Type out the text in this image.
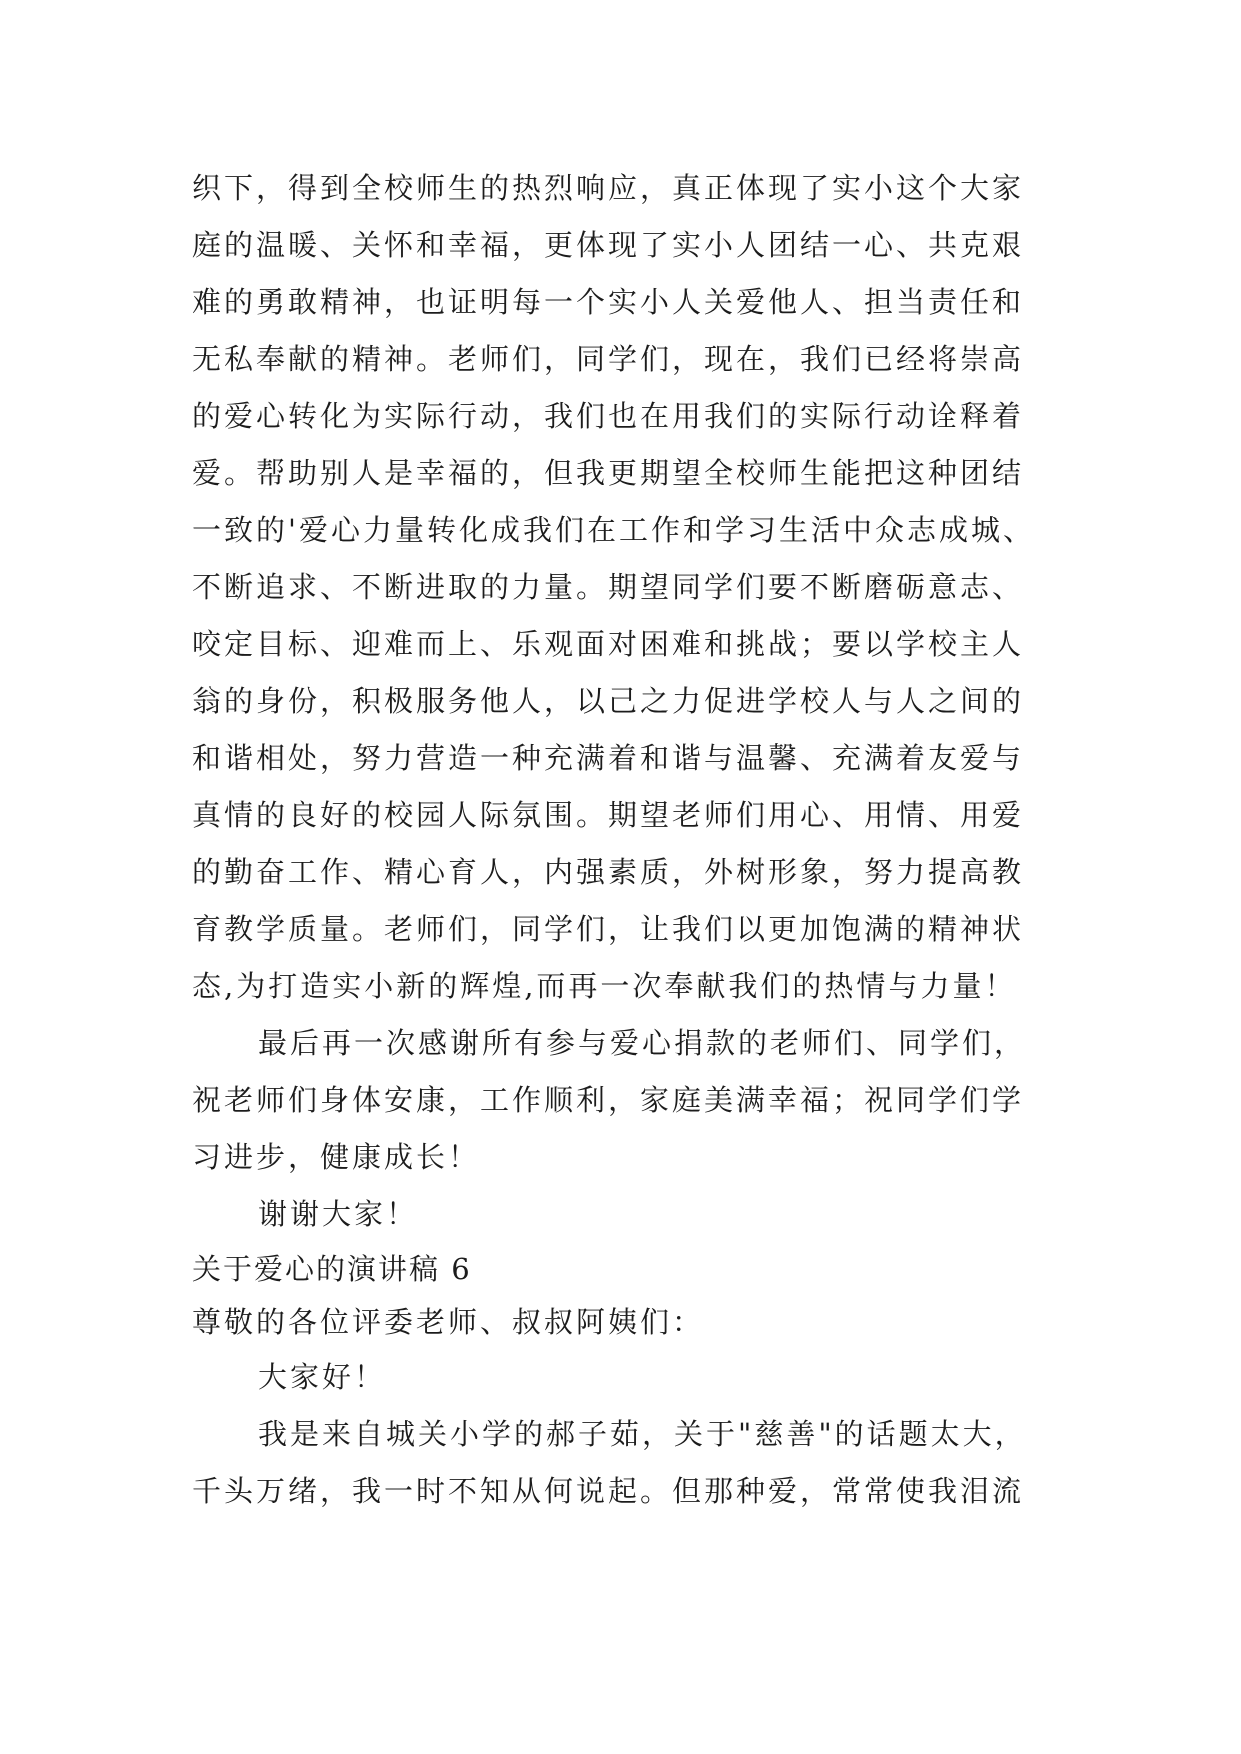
织下，得到全校师生的热烈响应，真正体现了实小这个大家
庭的温暖、关怀和幸福，更体现了实小人团结一心、共克艰
难的勇敢精神，也证明每一个实小人关爱他人、担当责任和
无私奉献的精神。老师们，同学们，现在，我们已经将崇高
的爱心转化为实际行动，我们也在用我们的实际行动诠释着
爱。帮助别人是幸福的，但我更期望全校师生能把这种团结
一致的'爱心力量转化成我们在工作和学习生活中众志成城、
不断追求、不断进取的力量。期望同学们要不断磨砺意志、
咬定目标、迎难而上、乐观面对困难和挑战；要以学校主人
翁的身份，积极服务他人，以己之力促进学校人与人之间的
和谐相处，努力营造一种充满着和谐与温馨、充满着友爱与
真情的良好的校园人际氛围。期望老师们用心、用情、用爱
的勤奋工作、精心育人，内强素质，外树形象，努力提高教
育教学质量。老师们，同学们，让我们以更加饱满的精神状
态,为打造实小新的辉煌,而再一次奉献我们的热情与力量！
最后再一次感谢所有参与爱心捐款的老师们、同学们，
祝老师们身体安康，工作顺利，家庭美满幸福；祝同学们学
习进步，健康成长！
谢谢大家！
关于爱心的演讲稿 6
尊敬的各位评委老师、叔叔阿姨们：
大家好！
我是来自城关小学的郝子茹，关于"慈善"的话题太大，
千头万绪，我一时不知从何说起。但那种爱，常常使我泪流
